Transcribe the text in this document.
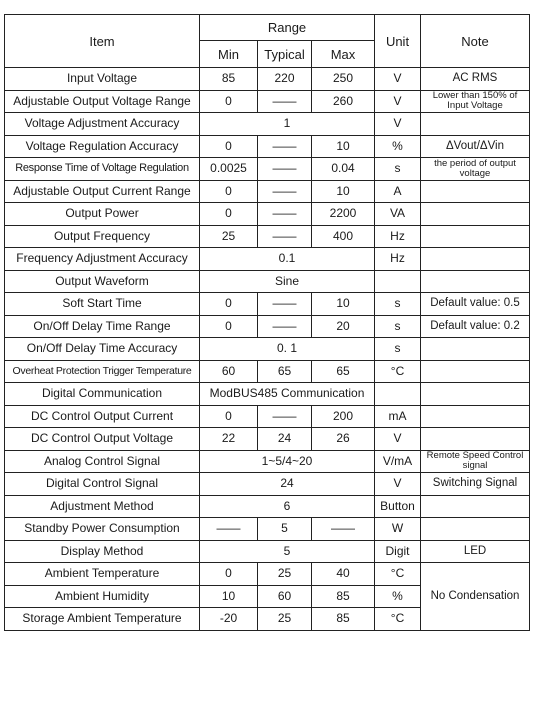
Item	Range			Unit	Note
	Min	Typical	Max		
Input Voltage	85	220	250	V	AC RMS
Adjustable Output Voltage Range	0	——	260	V	Lower than 150% of Input Voltage
Voltage Adjustment Accuracy	1			V	
Voltage Regulation Accuracy	0	——	10	%	ΔVout/ΔVin
Response Time of Voltage Regulation	0.0025	——	0.04	s	the period of output voltage
Adjustable Output Current Range	0	——	10	A	
Output Power	0	——	2200	VA	
Output Frequency	25	——	400	Hz	
Frequency Adjustment Accuracy	0.1			Hz	
Output Waveform	Sine				
Soft Start Time	0	——	10	s	Default value: 0.5
On/Off Delay Time Range	0	——	20	s	Default value: 0.2
On/Off Delay Time Accuracy	0. 1			s	
Overheat Protection Trigger Temperature	60	65	65	°C	
Digital Communication	ModBUS485 Communication				
DC Control Output Current	0	——	200	mA	
DC Control Output Voltage	22	24	26	V	
Analog Control Signal	1~5/4~20			V/mA	Remote Speed Control signal
Digital Control Signal	24			V	Switching Signal
Adjustment Method	6			Button	
Standby Power Consumption	——	5	——	W	
Display Method	5			Digit	LED
Ambient Temperature	0	25	40	°C	No Condensation
Ambient Humidity	10	60	85	%	
Storage Ambient Temperature	-20	25	85	°C	
